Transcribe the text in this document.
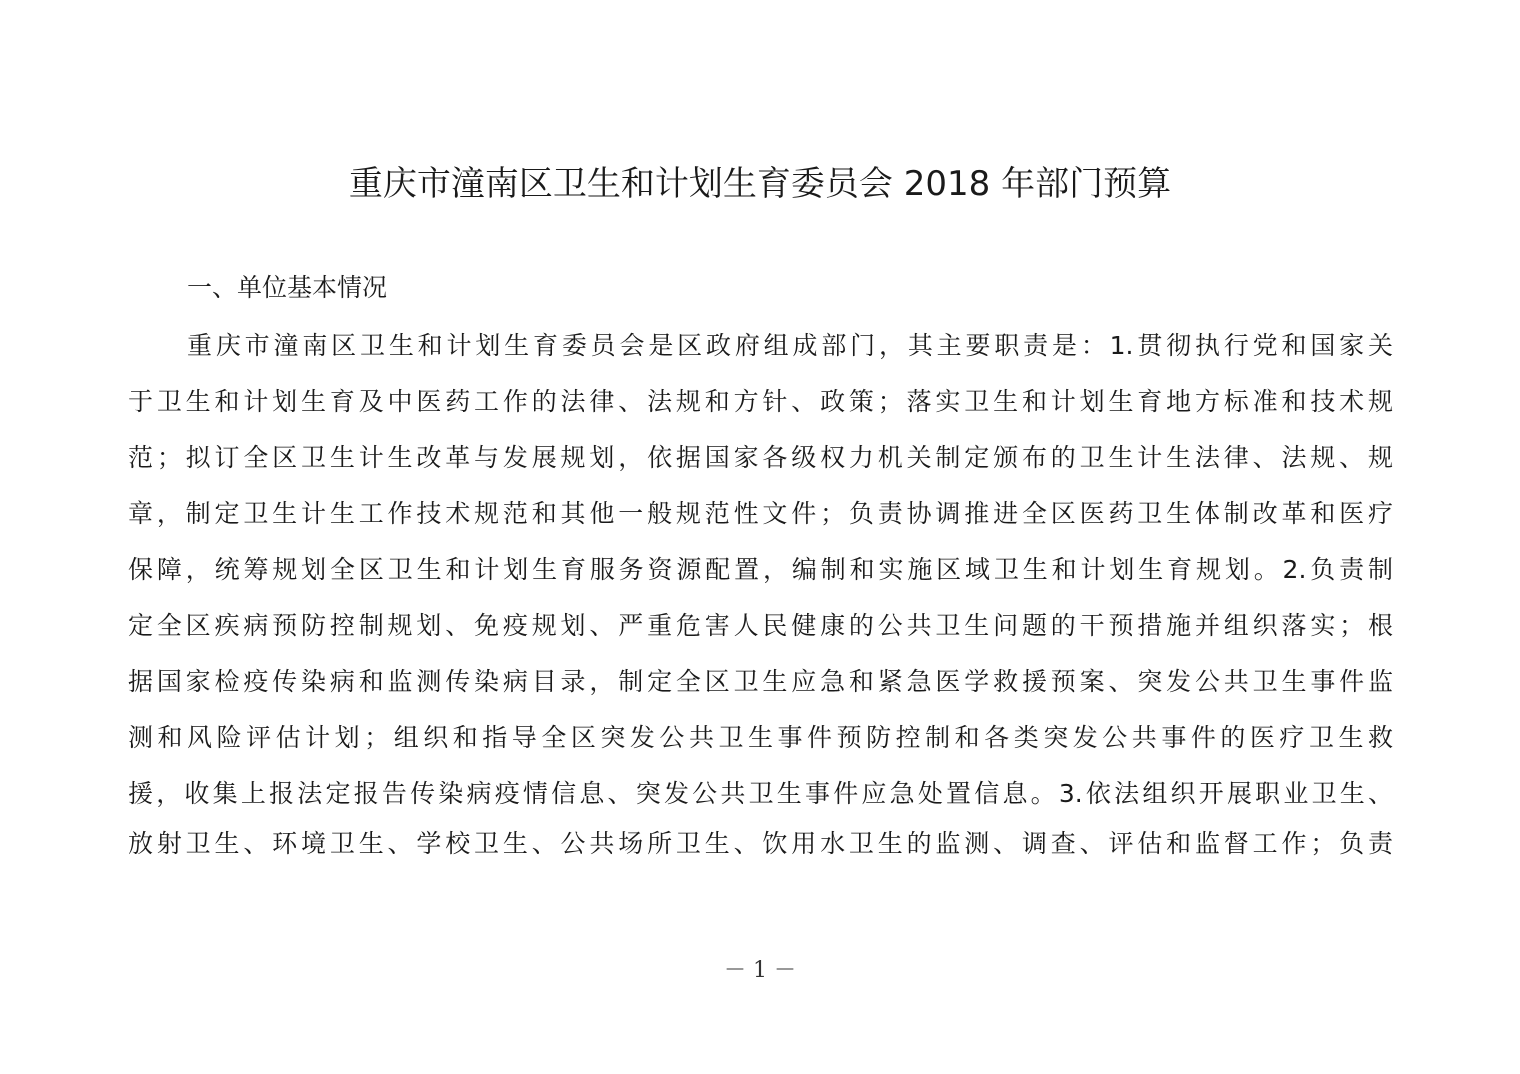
重庆市潼南区卫生和计划生育委员会 2018 年部门预算
一、单位基本情况
重庆市潼南区卫生和计划生育委员会是区政府组成部门，其主要职责是：1.贯彻执行党和国家关
于卫生和计划生育及中医药工作的法律、法规和方针、政策；落实卫生和计划生育地方标准和技术规
范；拟订全区卫生计生改革与发展规划，依据国家各级权力机关制定颁布的卫生计生法律、法规、规
章，制定卫生计生工作技术规范和其他一般规范性文件；负责协调推进全区医药卫生体制改革和医疗
保障，统筹规划全区卫生和计划生育服务资源配置，编制和实施区域卫生和计划生育规划。2.负责制
定全区疾病预防控制规划、免疫规划、严重危害人民健康的公共卫生问题的干预措施并组织落实；根
据国家检疫传染病和监测传染病目录，制定全区卫生应急和紧急医学救援预案、突发公共卫生事件监
测和风险评估计划；组织和指导全区突发公共卫生事件预防控制和各类突发公共事件的医疗卫生救
援，收集上报法定报告传染病疫情信息、突发公共卫生事件应急处置信息。3.依法组织开展职业卫生、
放射卫生、环境卫生、学校卫生、公共场所卫生、饮用水卫生的监测、调查、评估和监督工作；负责
－ 1 －
